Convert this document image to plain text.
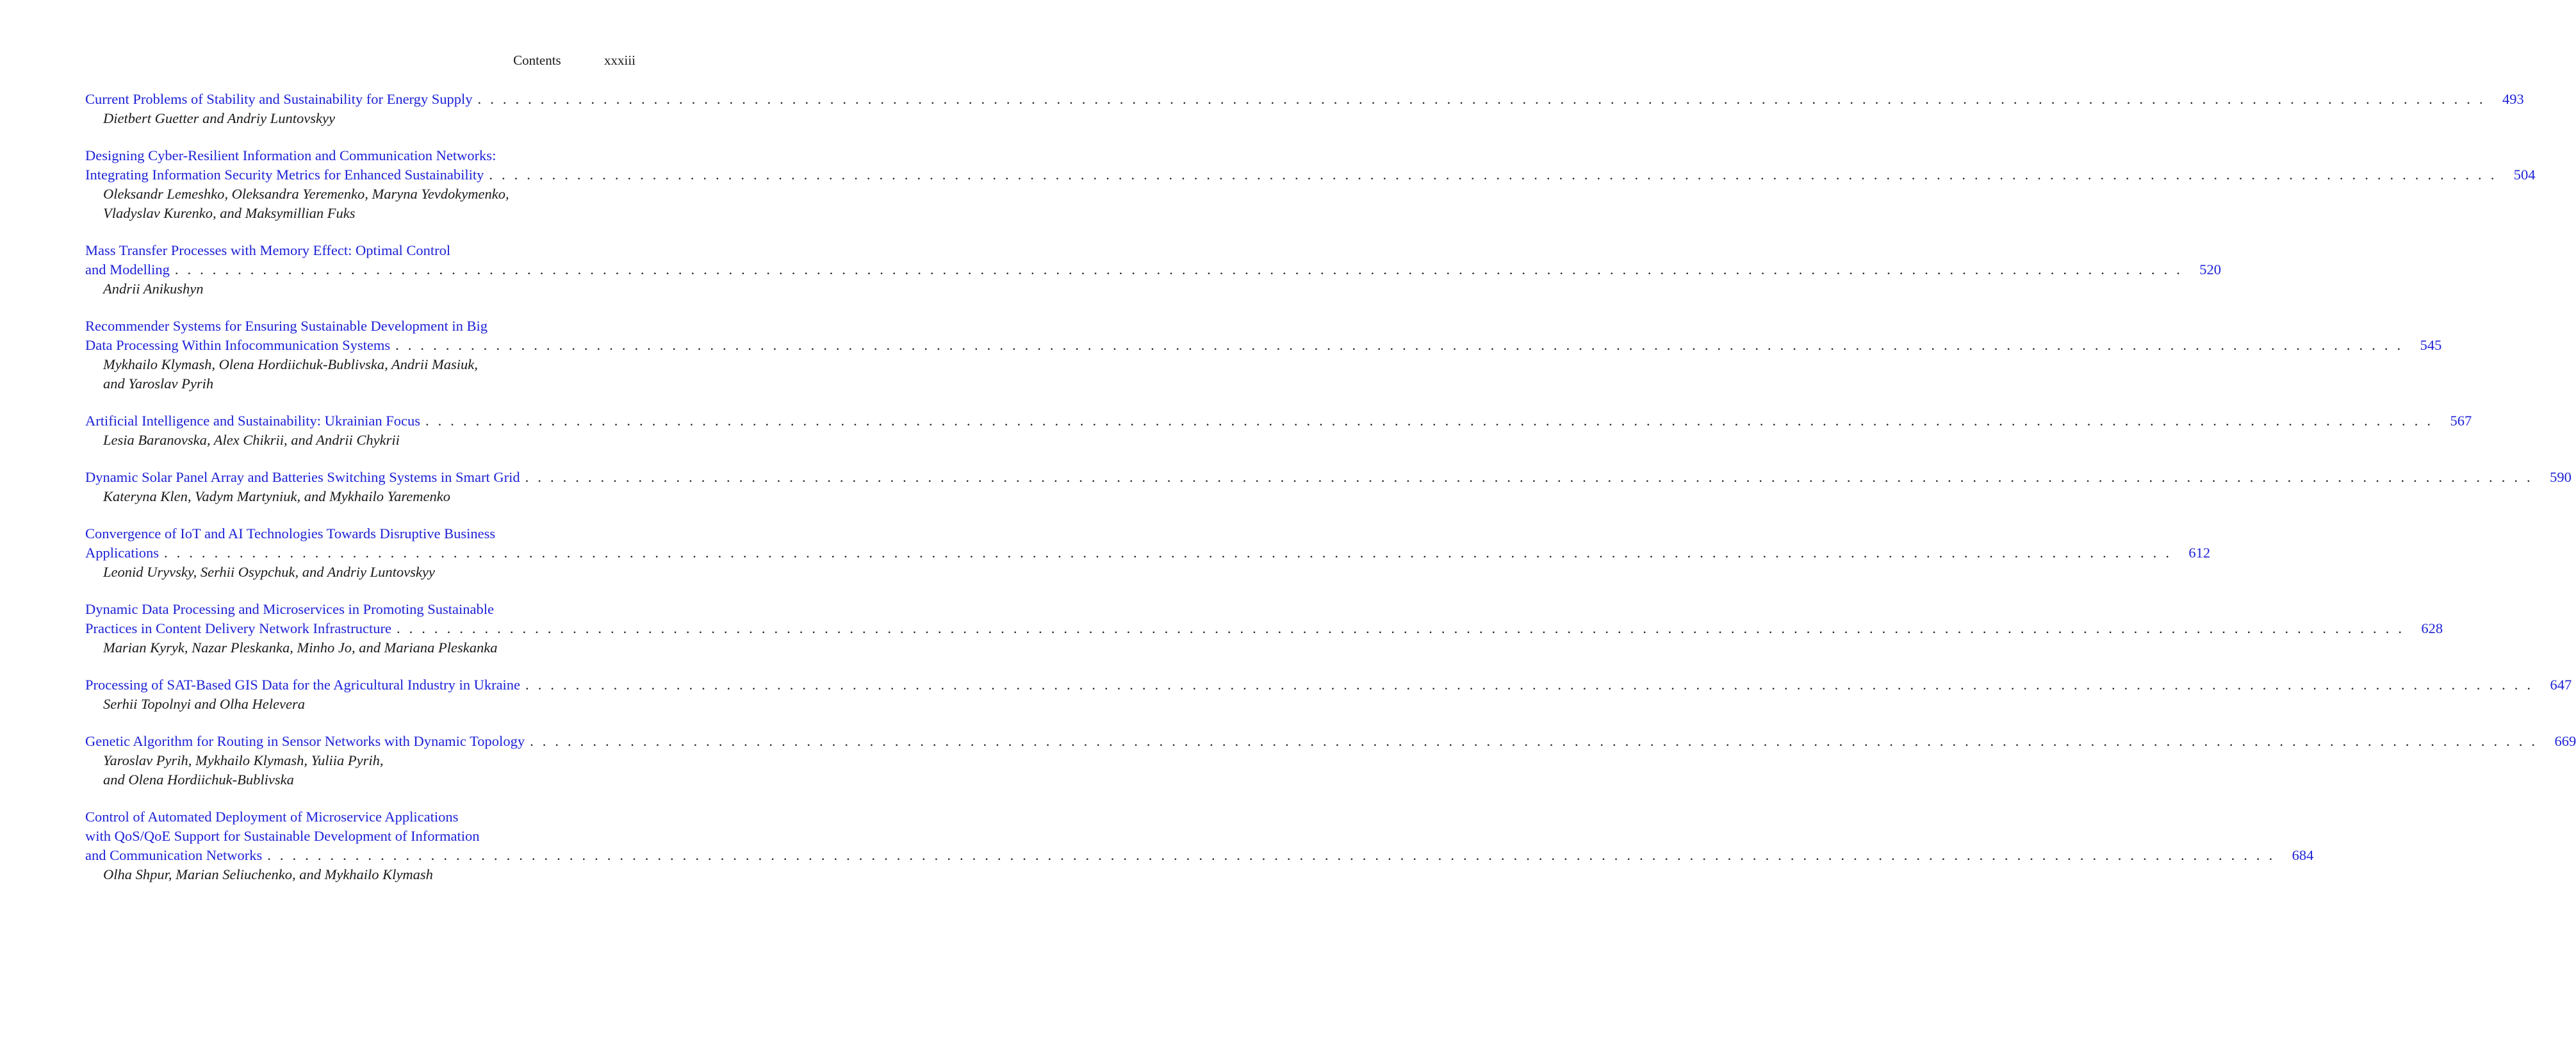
Contents	xxxiii
Current Problems of Stability and Sustainability for Energy Supply . . . . . . . . . . . . . . . . . . . . . . . . . . . . . . . . . . . . . . . . . . . . . . . . . . . . . . . . . . . . . . . . . . . . . . . . . . . . . . . . . . . . . . . . . . . . . . . . . . . . . . . . . . . . . . . . . . . . . . . . . . . . . . . . . . . . . . . . . . . . . . . . . . . . . . . . . . . . . . . .	493
Dietbert Guetter and Andriy Luntovskyy
Designing Cyber-Resilient Information and Communication Networks:
Integrating Information Security Metrics for Enhanced Sustainability . . . . . . . . . . . . . . . . . . . . . . . . . . . . . . . . . . . . . . . . . . . . . . . . . . . . . . . . . . . . . . . . . . . . . . . . . . . . . . . . . . . . . . . . . . . . . . . . . . . . . . . . . . . . . . . . . . . . . . . . . . . . . . . . . . . . . . . . . . . . . . . . . . . . . . . . . . . . . . . .	504
Oleksandr Lemeshko, Oleksandra Yeremenko, Maryna Yevdokymenko,
Vladyslav Kurenko, and Maksymillian Fuks
Mass Transfer Processes with Memory Effect: Optimal Control
and Modelling . . . . . . . . . . . . . . . . . . . . . . . . . . . . . . . . . . . . . . . . . . . . . . . . . . . . . . . . . . . . . . . . . . . . . . . . . . . . . . . . . . . . . . . . . . . . . . . . . . . . . . . . . . . . . . . . . . . . . . . . . . . . . . . . . . . . . . . . . . . . . . . . . . . . . . . . . . . . . . . .	520
Andrii Anikushyn
Recommender Systems for Ensuring Sustainable Development in Big
Data Processing Within Infocommunication Systems . . . . . . . . . . . . . . . . . . . . . . . . . . . . . . . . . . . . . . . . . . . . . . . . . . . . . . . . . . . . . . . . . . . . . . . . . . . . . . . . . . . . . . . . . . . . . . . . . . . . . . . . . . . . . . . . . . . . . . . . . . . . . . . . . . . . . . . . . . . . . . . . . . . . . . . . . . . . . . . .	545
Mykhailo Klymash, Olena Hordiichuk-Bublivska, Andrii Masiuk,
and Yaroslav Pyrih
Artificial Intelligence and Sustainability: Ukrainian Focus . . . . . . . . . . . . . . . . . . . . . . . . . . . . . . . . . . . . . . . . . . . . . . . . . . . . . . . . . . . . . . . . . . . . . . . . . . . . . . . . . . . . . . . . . . . . . . . . . . . . . . . . . . . . . . . . . . . . . . . . . . . . . . . . . . . . . . . . . . . . . . . . . . . . . . . . . . . . . . . .	567
Lesia Baranovska, Alex Chikrii, and Andrii Chykrii
Dynamic Solar Panel Array and Batteries Switching Systems in Smart Grid . . . . . . . . . . . . . . . . . . . . . . . . . . . . . . . . . . . . . . . . . . . . . . . . . . . . . . . . . . . . . . . . . . . . . . . . . . . . . . . . . . . . . . . . . . . . . . . . . . . . . . . . . . . . . . . . . . . . . . . . . . . . . . . . . . . . . . . . . . . . . . . . . . . . . . . . . . . . . . . .	590
Kateryna Klen, Vadym Martyniuk, and Mykhailo Yaremenko
Convergence of IoT and AI Technologies Towards Disruptive Business
Applications . . . . . . . . . . . . . . . . . . . . . . . . . . . . . . . . . . . . . . . . . . . . . . . . . . . . . . . . . . . . . . . . . . . . . . . . . . . . . . . . . . . . . . . . . . . . . . . . . . . . . . . . . . . . . . . . . . . . . . . . . . . . . . . . . . . . . . . . . . . . . . . . . . . . . . . . . . . . . . . .	612
Leonid Uryvsky, Serhii Osypchuk, and Andriy Luntovskyy
Dynamic Data Processing and Microservices in Promoting Sustainable
Practices in Content Delivery Network Infrastructure . . . . . . . . . . . . . . . . . . . . . . . . . . . . . . . . . . . . . . . . . . . . . . . . . . . . . . . . . . . . . . . . . . . . . . . . . . . . . . . . . . . . . . . . . . . . . . . . . . . . . . . . . . . . . . . . . . . . . . . . . . . . . . . . . . . . . . . . . . . . . . . . . . . . . . . . . . . . . . . .	628
Marian Kyryk, Nazar Pleskanka, Minho Jo, and Mariana Pleskanka
Processing of SAT-Based GIS Data for the Agricultural Industry in Ukraine . . . . . . . . . . . . . . . . . . . . . . . . . . . . . . . . . . . . . . . . . . . . . . . . . . . . . . . . . . . . . . . . . . . . . . . . . . . . . . . . . . . . . . . . . . . . . . . . . . . . . . . . . . . . . . . . . . . . . . . . . . . . . . . . . . . . . . . . . . . . . . . . . . . . . . . . . . . . . . . .	647
Serhii Topolnyi and Olha Helevera
Genetic Algorithm for Routing in Sensor Networks with Dynamic Topology . . . . . . . . . . . . . . . . . . . . . . . . . . . . . . . . . . . . . . . . . . . . . . . . . . . . . . . . . . . . . . . . . . . . . . . . . . . . . . . . . . . . . . . . . . . . . . . . . . . . . . . . . . . . . . . . . . . . . . . . . . . . . . . . . . . . . . . . . . . . . . . . . . . . . . . . . . . . . . . .	669
Yaroslav Pyrih, Mykhailo Klymash, Yuliia Pyrih,
and Olena Hordiichuk-Bublivska
Control of Automated Deployment of Microservice Applications
with QoS/QoE Support for Sustainable Development of Information
and Communication Networks . . . . . . . . . . . . . . . . . . . . . . . . . . . . . . . . . . . . . . . . . . . . . . . . . . . . . . . . . . . . . . . . . . . . . . . . . . . . . . . . . . . . . . . . . . . . . . . . . . . . . . . . . . . . . . . . . . . . . . . . . . . . . . . . . . . . . . . . . . . . . . . . . . . . . . . . . . . . . . . .	684
Olha Shpur, Marian Seliuchenko, and Mykhailo Klymash
